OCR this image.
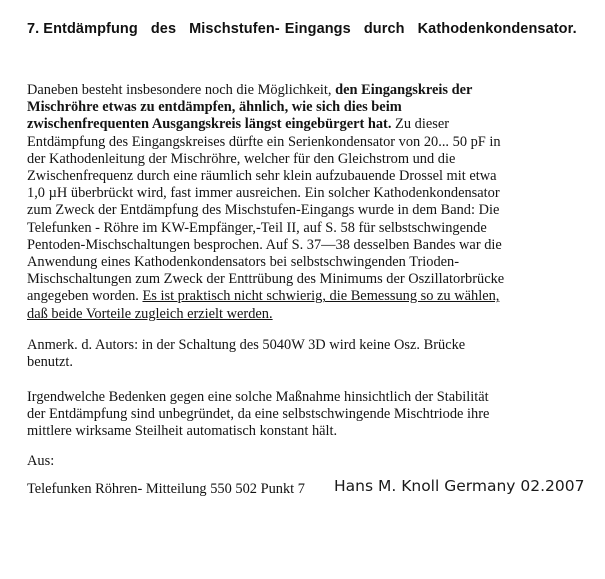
7. Entdämpfung des Mischstufen- Eingangs durch Kathodenkondensator.
Daneben besteht insbesondere noch die Möglichkeit, den Eingangskreis der
Mischröhre etwas zu entdämpfen, ähnlich, wie sich dies beim
zwischenfrequenten Ausgangskreis längst eingebürgert hat. Zu dieser
Entdämpfung des Eingangskreises dürfte ein Serienkondensator von 20... 50 pF in
der Kathodenleitung der Mischröhre, welcher für den Gleichstrom und die
Zwischenfrequenz durch eine räumlich sehr klein aufzubauende Drossel mit etwa
1,0 µH überbrückt wird, fast immer ausreichen. Ein solcher Kathodenkondensator
zum Zweck der Entdämpfung des Mischstufen-Eingangs wurde in dem Band: Die
Telefunken - Röhre im KW-Empfänger,-Teil II, auf S. 58 für selbstschwingende
Pentoden-Mischschaltungen besprochen. Auf S. 37—38 desselben Bandes war die
Anwendung eines Kathodenkondensators bei selbstschwingenden Trioden-
Mischschaltungen zum Zweck der Enttrübung des Minimums der Oszillatorbrücke
angegeben worden. Es ist praktisch nicht schwierig, die Bemessung so zu wählen,
daß beide Vorteile zugleich erzielt werden.
Anmerk. d. Autors: in der Schaltung des 5040W 3D wird keine Osz. Brücke
benutzt.
Irgendwelche Bedenken gegen eine solche Maßnahme hinsichtlich der Stabilität
der Entdämpfung sind unbegründet, da eine selbstschwingende Mischtriode ihre
mittlere wirksame Steilheit automatisch konstant hält.
Aus:
Telefunken Röhren- Mitteilung 550 502 Punkt 7 Hans M. Knoll Germany 02.2007
